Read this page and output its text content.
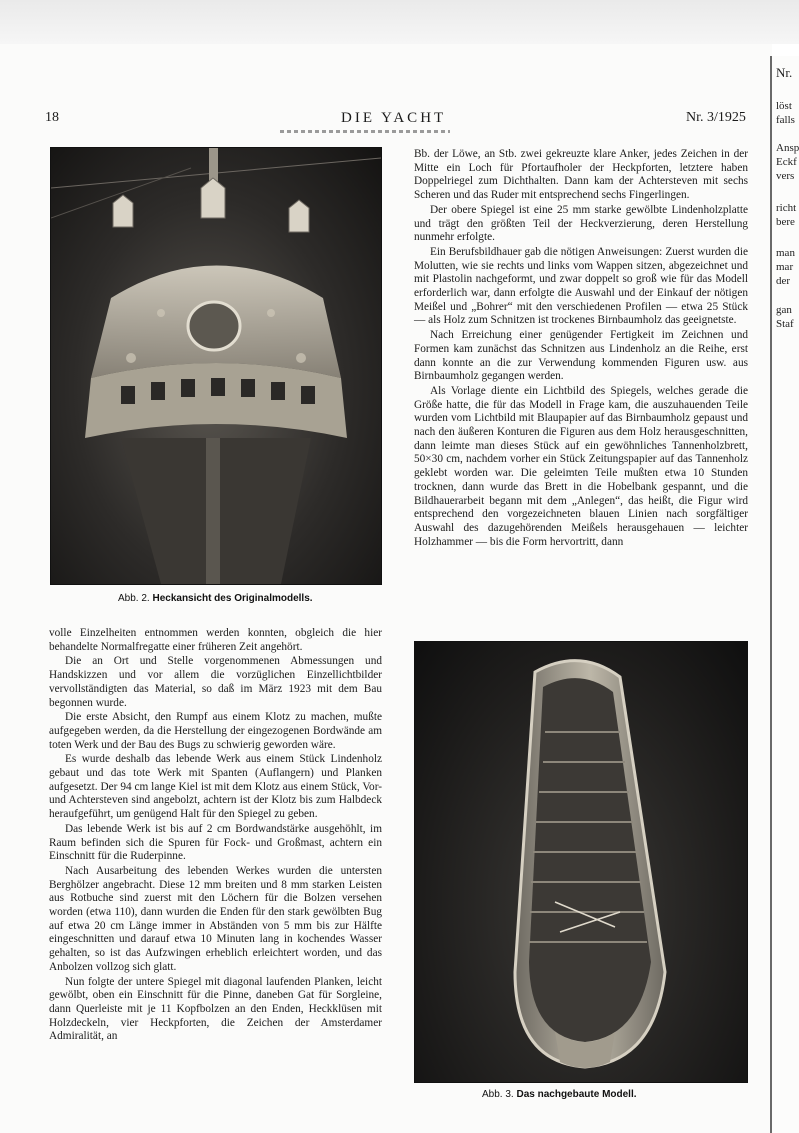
Nr.
löst
falls
Ansp
Eckf
vers
richt
bere
man
mar
der
gan
Staf
18	DIE YACHT	Nr. 3/1925
Abb. 2. Heckansicht des Originalmodells.

Bb. der Löwe, an Stb. zwei gekreuzte klare Anker, jedes Zeichen in der Mitte ein Loch für Pfortaufholer der Heckpforten, letztere haben Doppelriegel zum Dichthalten. Dann kam der Achtersteven mit sechs Scheren und das Ruder mit entsprechend sechs Fingerlingen.

Der obere Spiegel ist eine 25 mm starke gewölbte Lindenholzplatte und trägt den größten Teil der Heckverzierung, deren Herstellung nunmehr erfolgte.

Ein Berufsbildhauer gab die nötigen Anweisungen: Zuerst wurden die Molutten, wie sie rechts und links vom Wappen sitzen, abgezeichnet und mit Plastolin nachgeformt, und zwar doppelt so groß wie für das Modell erforderlich war, dann erfolgte die Auswahl und der Einkauf der nötigen Meißel und „Bohrer“ mit den verschiedenen Profilen — etwa 25 Stück — als Holz zum Schnitzen ist trockenes Birnbaumholz das geeignetste.

Nach Erreichung einer genügender Fertigkeit im Zeichnen und Formen kam zunächst das Schnitzen aus Lindenholz an die Reihe, erst dann konnte an die zur Verwendung kommenden Figuren usw. aus Birnbaumholz gegangen werden.

Als Vorlage diente ein Lichtbild des Spiegels, welches gerade die Größe hatte, die für das Modell in Frage kam, die auszuhauenden Teile wurden vom Lichtbild mit Blaupapier auf das Birnbaumholz gepaust und nach den äußeren Konturen die Figuren aus dem Holz herausgeschnitten, dann leimte man dieses Stück auf ein gewöhnliches Tannenholzbrett, 50×30 cm, nachdem vorher ein Stück Zeitungspapier auf das Tannenholz geklebt worden war. Die geleimten Teile mußten etwa 10 Stunden trocknen, dann wurde das Brett in die Hobelbank gespannt, und die Bildhauerarbeit begann mit dem „Anlegen“, das heißt, die Figur wird entsprechend den vorgezeichneten blauen Linien nach sorgfältiger Auswahl des dazugehörenden Meißels herausgehauen — leichter Holzhammer — bis die Form hervortritt, dann

volle Einzelheiten entnommen werden konnten, obgleich die hier behandelte Normalfregatte einer früheren Zeit angehört.

Die an Ort und Stelle vorgenommenen Abmessungen und Handskizzen und vor allem die vorzüglichen Einzellichtbilder vervollständigten das Material, so daß im März 1923 mit dem Bau begonnen wurde.

Die erste Absicht, den Rumpf aus einem Klotz zu machen, mußte aufgegeben werden, da die Herstellung der eingezogenen Bordwände am toten Werk und der Bau des Bugs zu schwierig geworden wäre.

Es wurde deshalb das lebende Werk aus einem Stück Lindenholz gebaut und das tote Werk mit Spanten (Auflangern) und Planken aufgesetzt. Der 94 cm lange Kiel ist mit dem Klotz aus einem Stück, Vor- und Achtersteven sind angebolzt, achtern ist der Klotz bis zum Halbdeck heraufgeführt, um genügend Halt für den Spiegel zu geben.

Das lebende Werk ist bis auf 2 cm Bordwandstärke ausgehöhlt, im Raum befinden sich die Spuren für Fock- und Großmast, achtern ein Einschnitt für die Ruderpinne.

Nach Ausarbeitung des lebenden Werkes wurden die untersten Berghölzer angebracht. Diese 12 mm breiten und 8 mm starken Leisten aus Rotbuche sind zuerst mit den Löchern für die Bolzen versehen worden (etwa 110), dann wurden die Enden für den stark gewölbten Bug auf etwa 20 cm Länge immer in Abständen von 5 mm bis zur Hälfte eingeschnitten und darauf etwa 10 Minuten lang in kochendes Wasser gehalten, so ist das Aufzwingen erheblich erleichtert worden, und das Anbolzen vollzog sich glatt.

Nun folgte der untere Spiegel mit diagonal laufenden Planken, leicht gewölbt, oben ein Einschnitt für die Pinne, daneben Gat für Sorgleine, dann Querleiste mit je 11 Kopfbolzen an den Enden, Heckklüsen mit Holzdeckeln, vier Heckpforten, die Zeichen der Amsterdamer Admiralität, an

Abb. 3. Das nachgebaute Modell.
